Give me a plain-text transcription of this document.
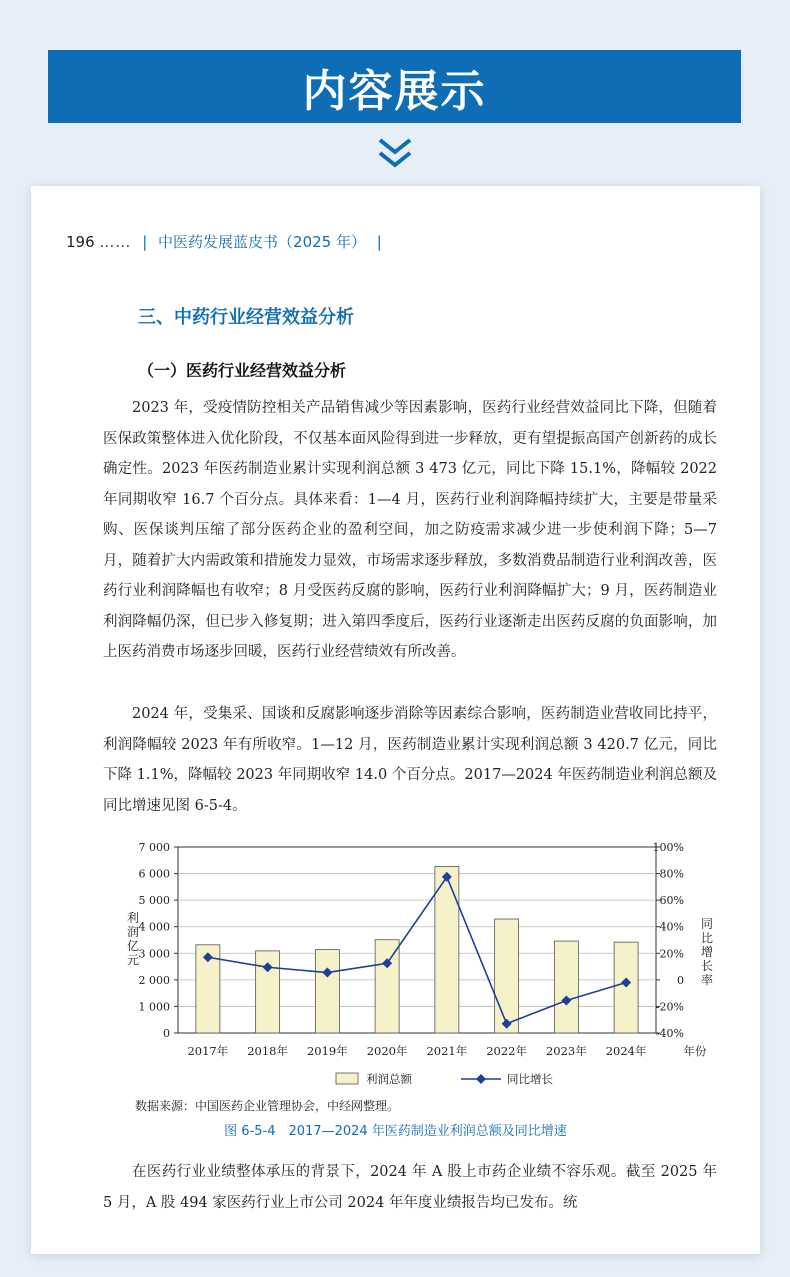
内容展示
196 …… | 中医药发展蓝皮书（2025 年） |
三、中药行业经营效益分析
（一）医药行业经营效益分析

2023 年，受疫情防控相关产品销售减少等因素影响，医药行业经营效益同比下降，但随着医保政策整体进入优化阶段，不仅基本面风险得到进一步释放，更有望提振高国产创新药的成长确定性。2023 年医药制造业累计实现利润总额 3 473 亿元，同比下降 15.1%，降幅较 2022 年同期收窄 16.7 个百分点。具体来看：1—4 月，医药行业利润降幅持续扩大，主要是带量采购、医保谈判压缩了部分医药企业的盈利空间，加之防疫需求减少进一步使利润下降；5—7 月，随着扩大内需政策和措施发力显效，市场需求逐步释放，多数消费品制造行业利润改善，医药行业利润降幅也有收窄；8 月受医药反腐的影响，医药行业利润降幅扩大；9 月，医药制造业利润降幅仍深，但已步入修复期；进入第四季度后，医药行业逐渐走出医药反腐的负面影响，加上医药消费市场逐步回暖，医药行业经营绩效有所改善。

2024 年，受集采、国谈和反腐影响逐步消除等因素综合影响，医药制造业营收同比持平，利润降幅较 2023 年有所收窄。1—12 月，医药制造业累计实现利润总额 3 420.7 亿元，同比下降 1.1%，降幅较 2023 年同期收窄 14.0 个百分点。2017—2024 年医药制造业利润总额及同比增速见图 6-5-4。

0
1 000
2 000
3 000
4 000
5 000
6 000
7 000
-40%
-20%
0
20%
40%
60%
80%
100%
利
润
亿
元
同
比
增
长
率
2017年 2018年 2019年 2020年 2021年 2022年 2023年 2024年	年份
利润总额	同比增长
数据来源：中国医药企业管理协会，中经网整理。
图 6-5-4　2017—2024 年医药制造业利润总额及同比增速

在医药行业业绩整体承压的背景下，2024 年 A 股上市药企业绩不容乐观。截至 2025 年 5 月，A 股 494 家医药行业上市公司 2024 年年度业绩报告均已发布。统
